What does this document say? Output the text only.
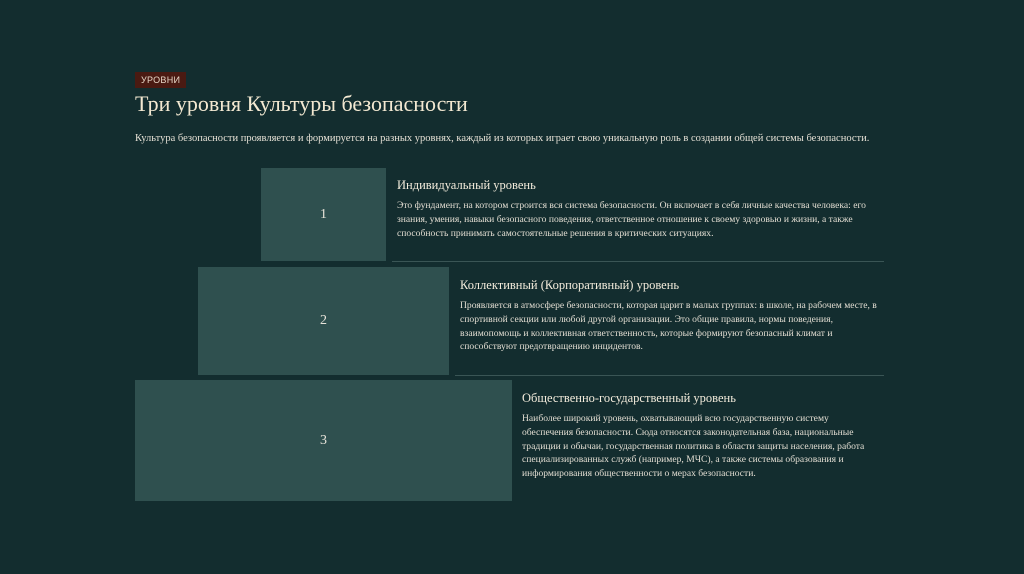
УРОВНИ
Три уровня Культуры безопасности

Культура безопасности проявляется и формируется на разных уровнях, каждый из которых играет свою уникальную роль в создании общей системы безопасности.

1
Индивидуальный уровень

Это фундамент, на котором строится вся система безопасности. Он включает в себя личные качества человека: его знания, умения, навыки безопасного поведения, ответственное отношение к своему здоровью и жизни, а также способность принимать самостоятельные решения в критических ситуациях.

2
Коллективный (Корпоративный) уровень

Проявляется в атмосфере безопасности, которая царит в малых группах: в школе, на рабочем месте, в спортивной секции или любой другой организации. Это общие правила, нормы поведения, взаимопомощь и коллективная ответственность, которые формируют безопасный климат и способствуют предотвращению инцидентов.

3
Общественно-государственный уровень

Наиболее широкий уровень, охватывающий всю государственную систему обеспечения безопасности. Сюда относятся законодательная база, национальные традиции и обычаи, государственная политика в области защиты населения, работа специализированных служб (например, МЧС), а также системы образования и информирования общественности о мерах безопасности.
